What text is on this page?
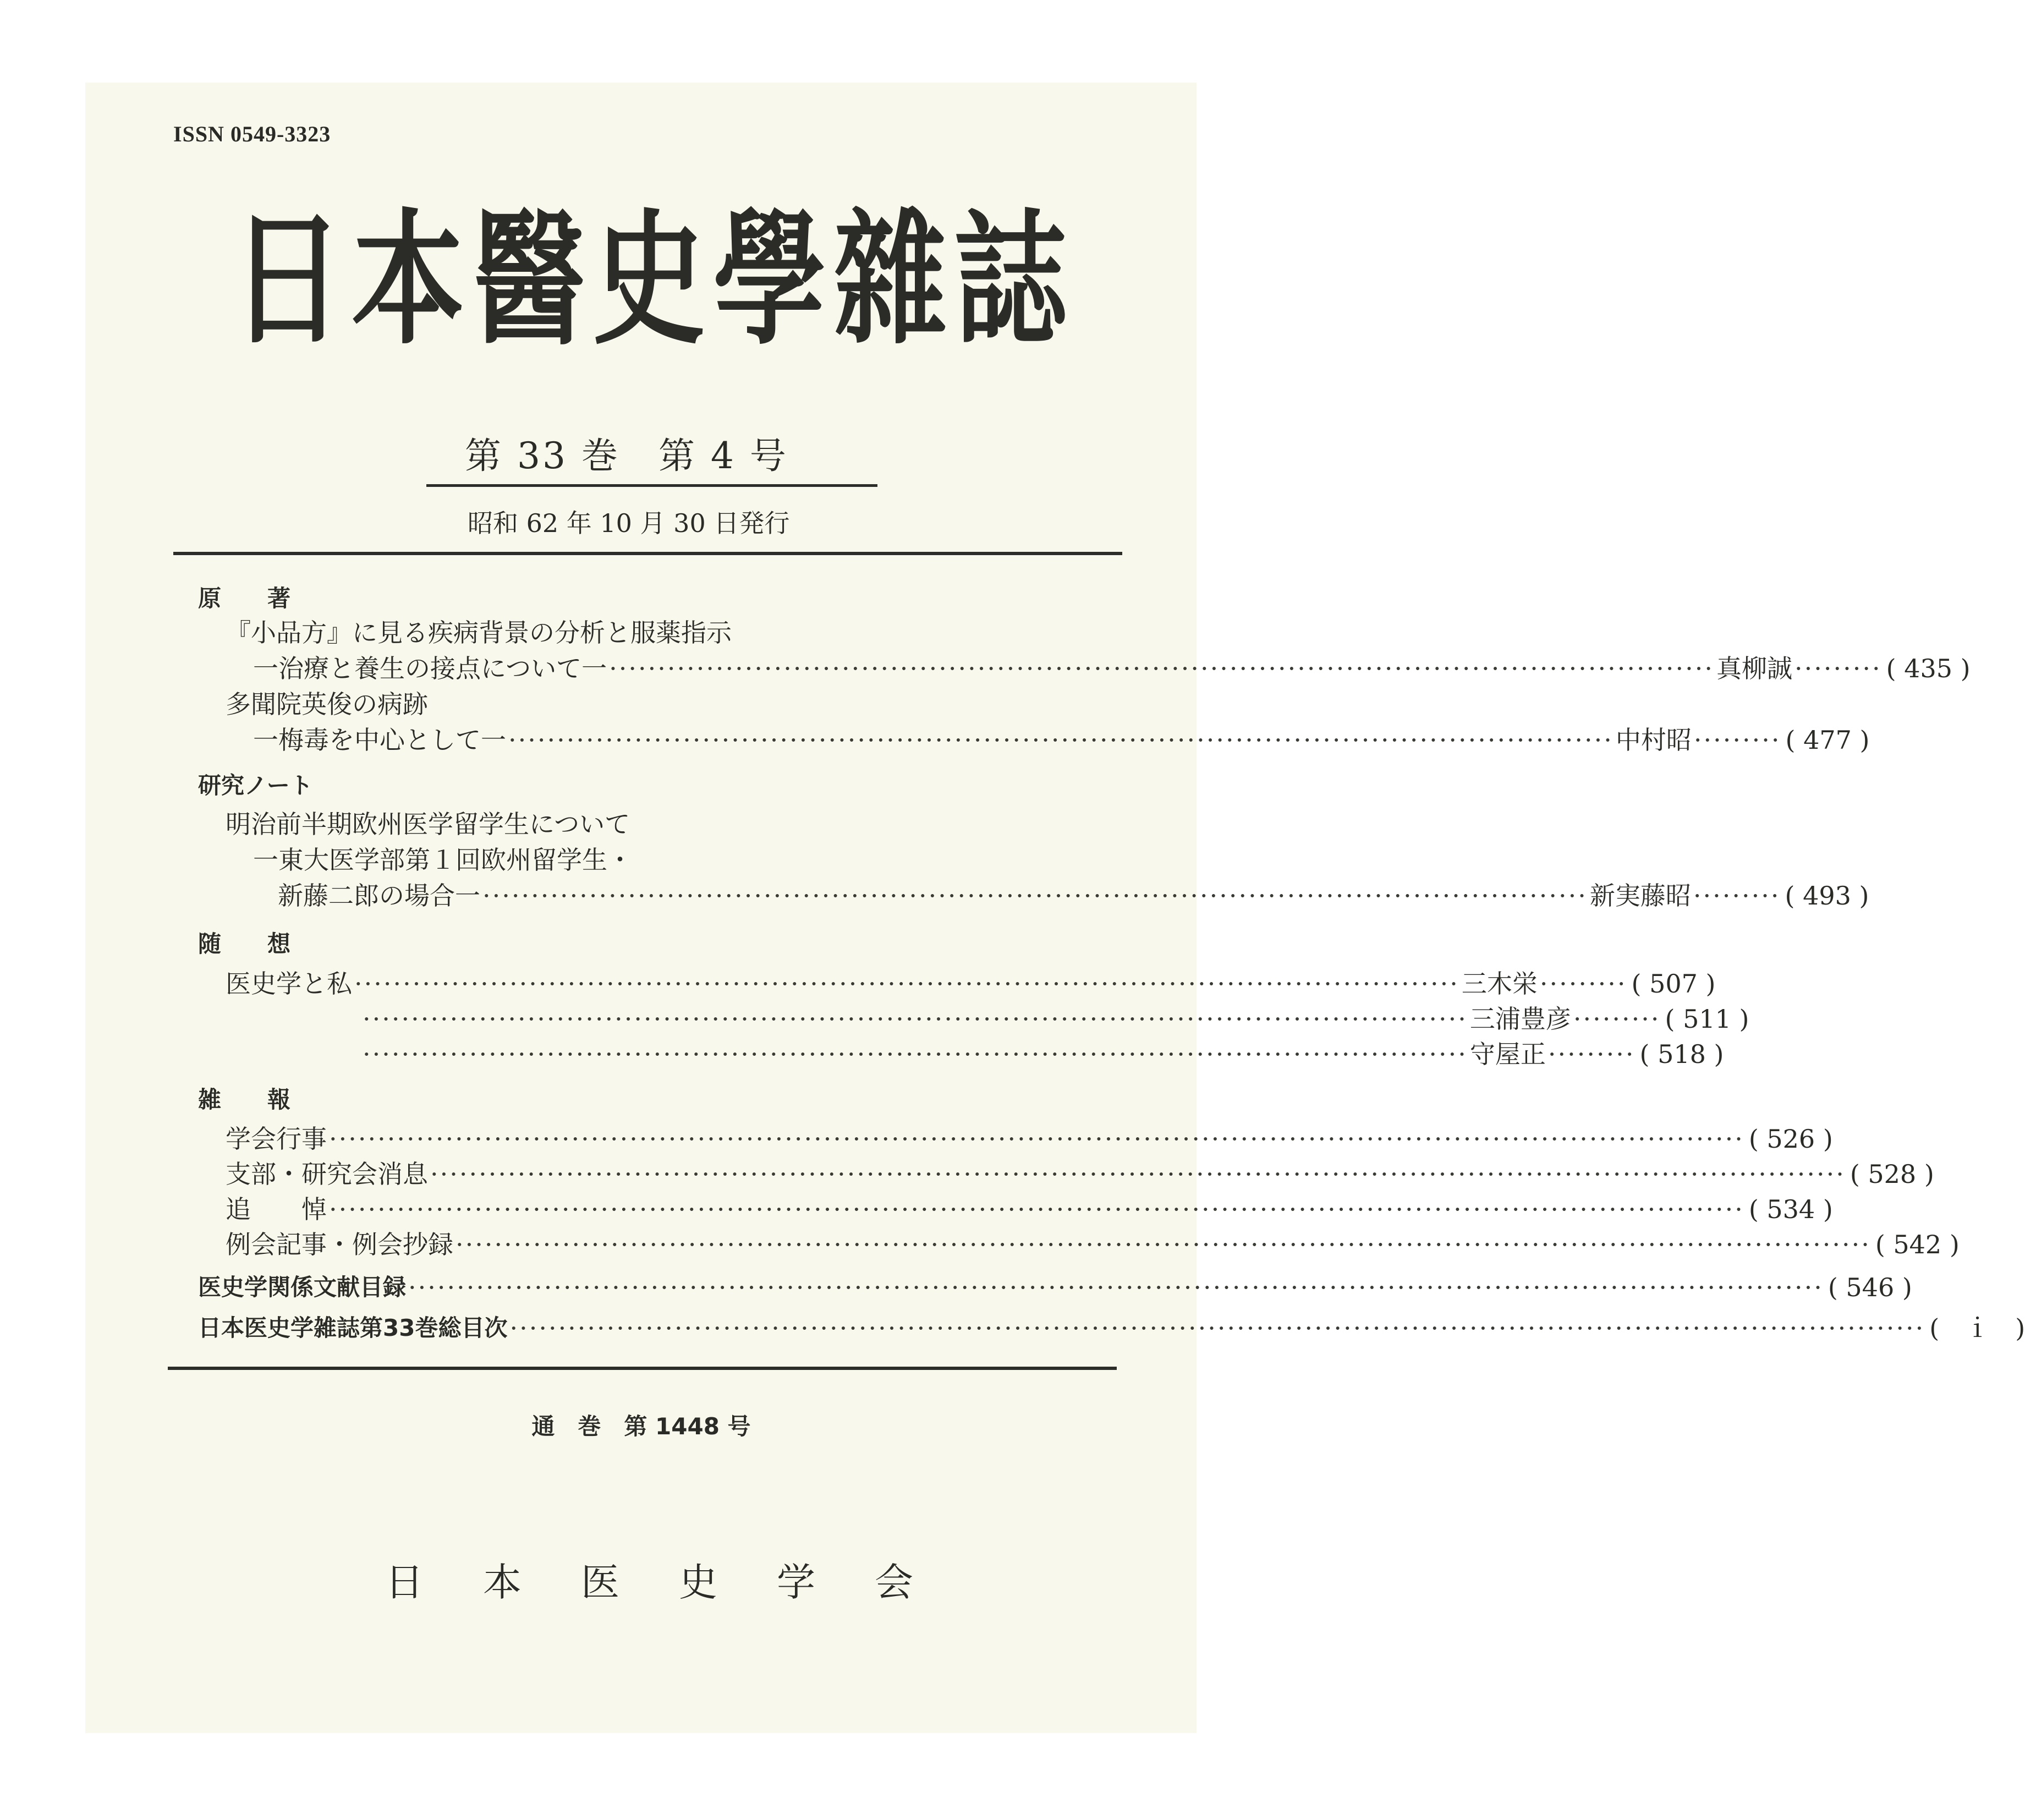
ISSN 0549-3323
日 本 醫 史 學 雜 誌
第 33 巻　第 4 号
昭和 62 年 10 月 30 日発行
原　　著
『小品方』に見る疾病背景の分析と服薬指示
一治療と養生の接点について一 ·················································································································· 真柳 誠 ········· ( 435 )
多聞院英俊の病跡
一梅毒を中心として一 ·················································································································· 中村 昭 ········· ( 477 )
研究ノート
明治前半期欧州医学留学生について
一東大医学部第１回欧州留学生・
新藤二郎の場合一 ·················································································································· 新実 藤昭 ········· ( 493 )
随　　想
医史学と私 ·················································································································· 三木 栄 ········· ( 507 )
·················································································································· 三浦 豊彦 ········· ( 511 )
·················································································································· 守屋 正 ········· ( 518 )
雑　　報
学会行事 ·················································································································································· ( 526 )
支部・研究会消息 ·················································································································································· ( 528 )
追　　悼 ·················································································································································· ( 534 )
例会記事・例会抄録 ·················································································································································· ( 542 )
医史学関係文献目録 ·················································································································································· ( 546 )
日本医史学雑誌第33巻総目次 ·················································································································································· (　ｉ　)
通　巻　第 1448 号
日 本 医 史 学 会
